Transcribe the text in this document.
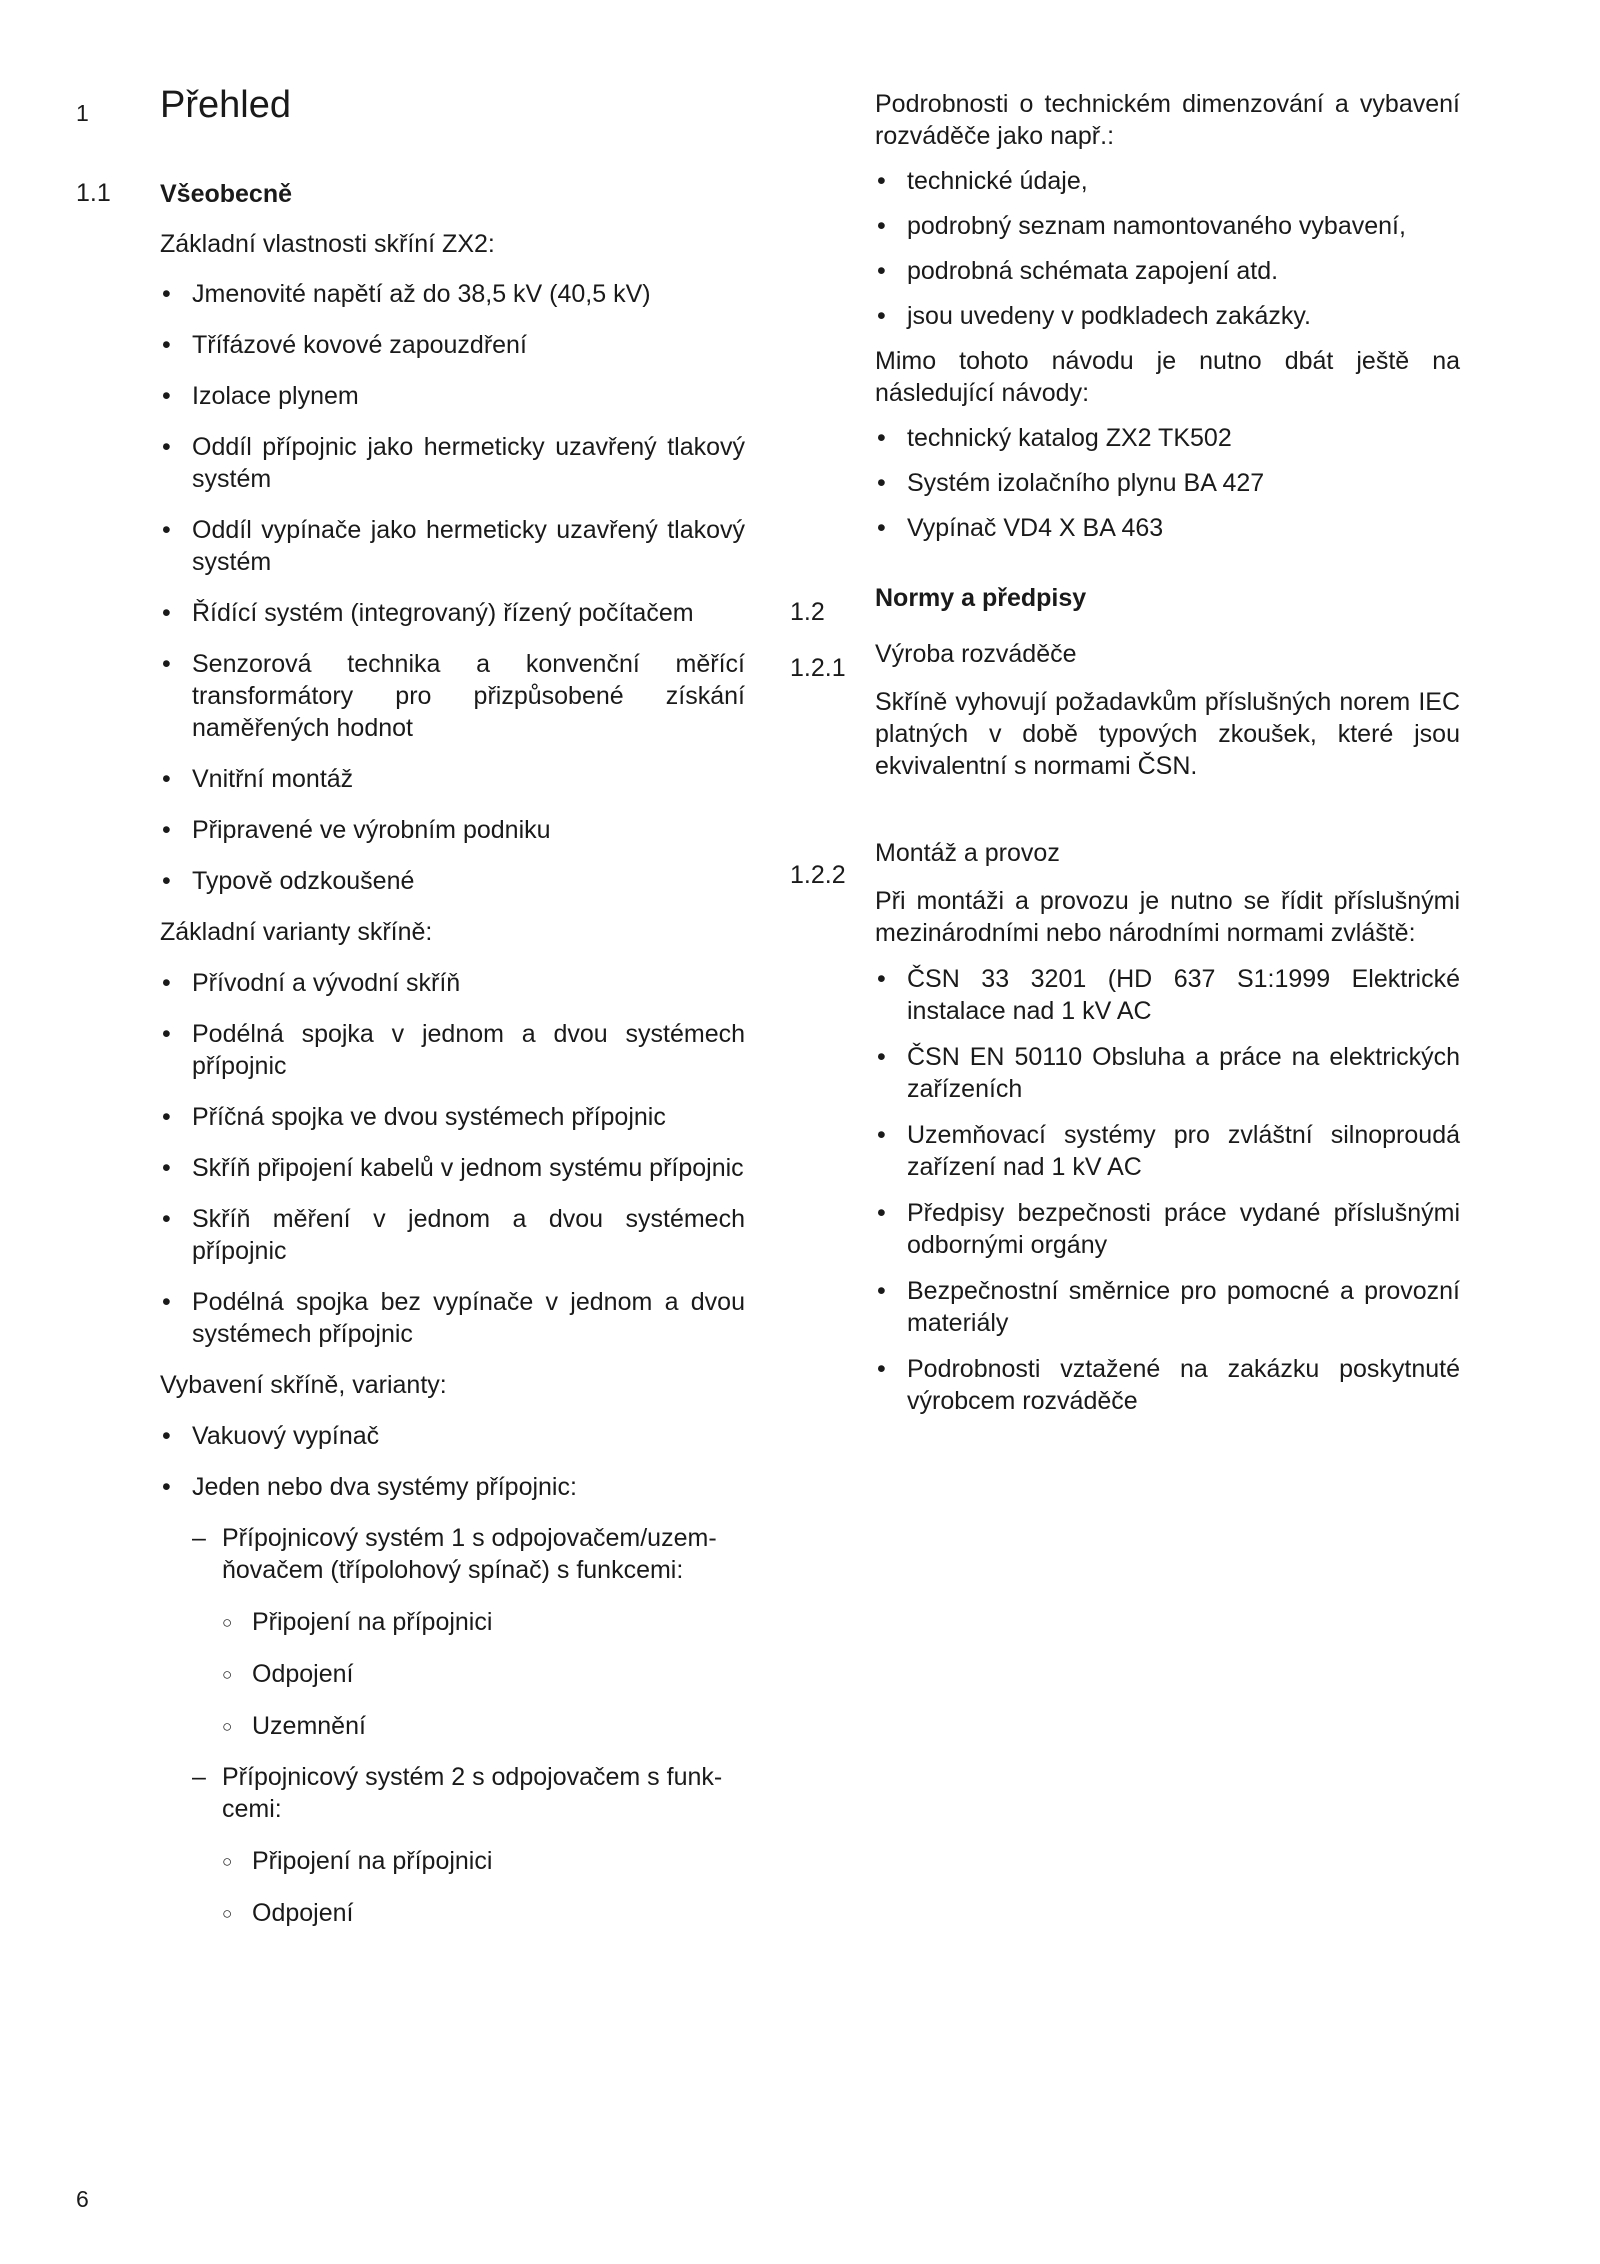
1 Přehled
1.1 Všeobecně

Základní vlastnosti skříní ZX2:

• Jmenovité napětí až do 38,5 kV (40,5 kV)
• Třífázové kovové zapouzdření
• Izolace plynem
• Oddíl přípojnic jako hermeticky uzavřený tlakový systém
• Oddíl vypínače jako hermeticky uzavřený tlakový systém
• Řídící systém (integrovaný) řízený počítačem
• Senzorová technika a konvenční měřící transformátory pro přizpůsobené získání naměřených hodnot
• Vnitřní montáž
• Připravené ve výrobním podniku
• Typově odzkoušené

Základní varianty skříně:

• Přívodní a vývodní skříň
• Podélná spojka v jednom a dvou systémech přípojnic
• Příčná spojka ve dvou systémech přípojnic
• Skříň připojení kabelů v jednom systému přípojnic
• Skříň měření v jednom a dvou systémech přípojnic
• Podélná spojka bez vypínače v jednom a dvou systémech přípojnic

Vybavení skříně, varianty:

• Vakuový vypínač
• Jeden nebo dva systémy přípojnic:
– Přípojnicový systém 1 s odpojovačem/uzem-ňovačem (třípolohový spínač) s funkcemi:
○ Připojení na přípojnici
○ Odpojení
○ Uzemnění
– Přípojnicový systém 2 s odpojovačem s funk-cemi:
○ Připojení na přípojnici
○ Odpojení
1.2
1.2.1
1.2.2

Podrobnosti o technickém dimenzování a vybavení rozváděče jako např.:

• technické údaje,
• podrobný seznam namontovaného vybavení,
• podrobná schémata zapojení atd.
• jsou uvedeny v podkladech zakázky.

Mimo tohoto návodu je nutno dbát ještě na následující návody:

• technický katalog ZX2 TK502
• Systém izolačního plynu BA 427
• Vypínač VD4 X BA 463

Normy a předpisy

Výroba rozváděče

Skříně vyhovují požadavkům příslušných norem IEC platných v době typových zkoušek, které jsou ekvivalentní s normami ČSN.

Montáž a provoz

Při montáži a provozu je nutno se řídit příslušnými mezinárodními nebo národními normami zvláště:

• ČSN 33 3201 (HD 637 S1:1999 Elektrické instalace nad 1 kV AC
• ČSN EN 50110 Obsluha a práce na elektrických zařízeních
• Uzemňovací systémy pro zvláštní silnoproudá zařízení nad 1 kV AC
• Předpisy bezpečnosti práce vydané příslušnými odbornými orgány
• Bezpečnostní směrnice pro pomocné a provozní materiály
• Podrobnosti vztažené na zakázku poskytnuté výrobcem rozváděče
6
